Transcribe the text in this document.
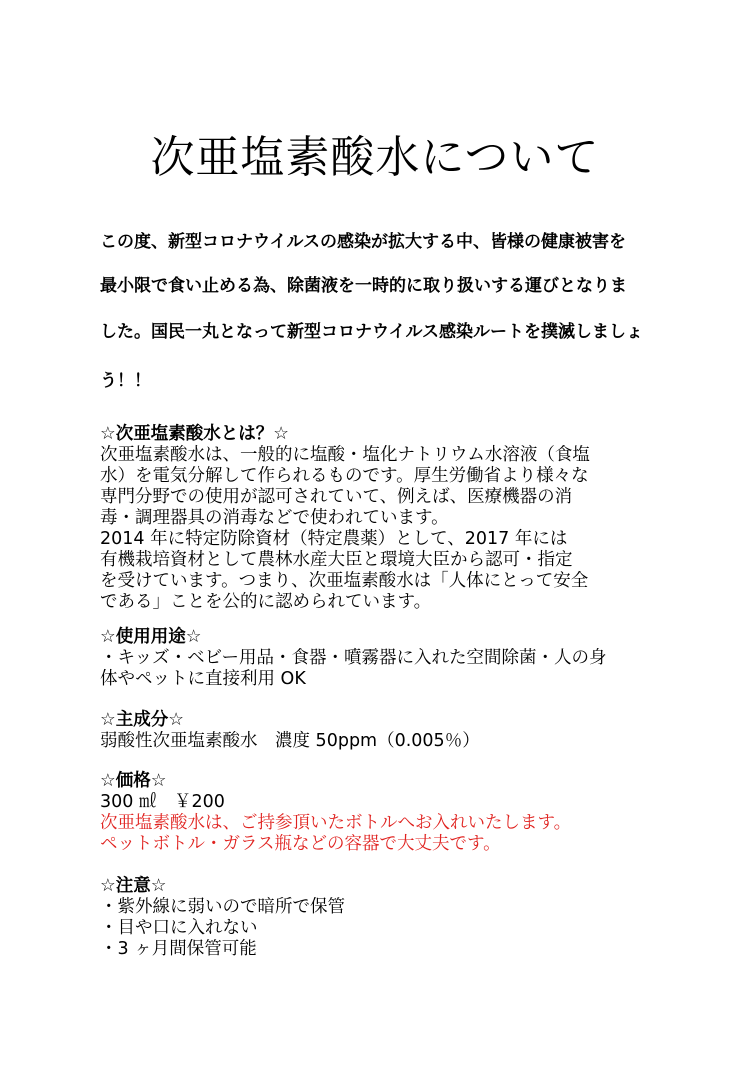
次亜塩素酸水について
この度、新型コロナウイルスの感染が拡大する中、皆様の健康被害を
最小限で食い止める為、除菌液を一時的に取り扱いする運びとなりま
した。国民一丸となって新型コロナウイルス感染ルートを撲滅しましょ
う！！
☆次亜塩素酸水とは？☆
次亜塩素酸水は、一般的に塩酸・塩化ナトリウム水溶液（食塩
水）を電気分解して作られるものです。厚生労働省より様々な
専門分野での使用が認可されていて、例えば、医療機器の消
毒・調理器具の消毒などで使われています。
2014 年に特定防除資材（特定農薬）として、2017 年には
有機栽培資材として農林水産大臣と環境大臣から認可・指定
を受けています。つまり、次亜塩素酸水は「人体にとって安全
である」ことを公的に認められています。
☆使用用途☆
・キッズ・ベビー用品・食器・噴霧器に入れた空間除菌・人の身
体やペットに直接利用 OK
☆主成分☆
弱酸性次亜塩素酸水　濃度 50ppm（0.005％）
☆価格☆
300 ㎖　￥200
次亜塩素酸水は、ご持参頂いたボトルへお入れいたします。
ペットボトル・ガラス瓶などの容器で大丈夫です。
☆注意☆
・紫外線に弱いので暗所で保管
・目や口に入れない
・3 ヶ月間保管可能
